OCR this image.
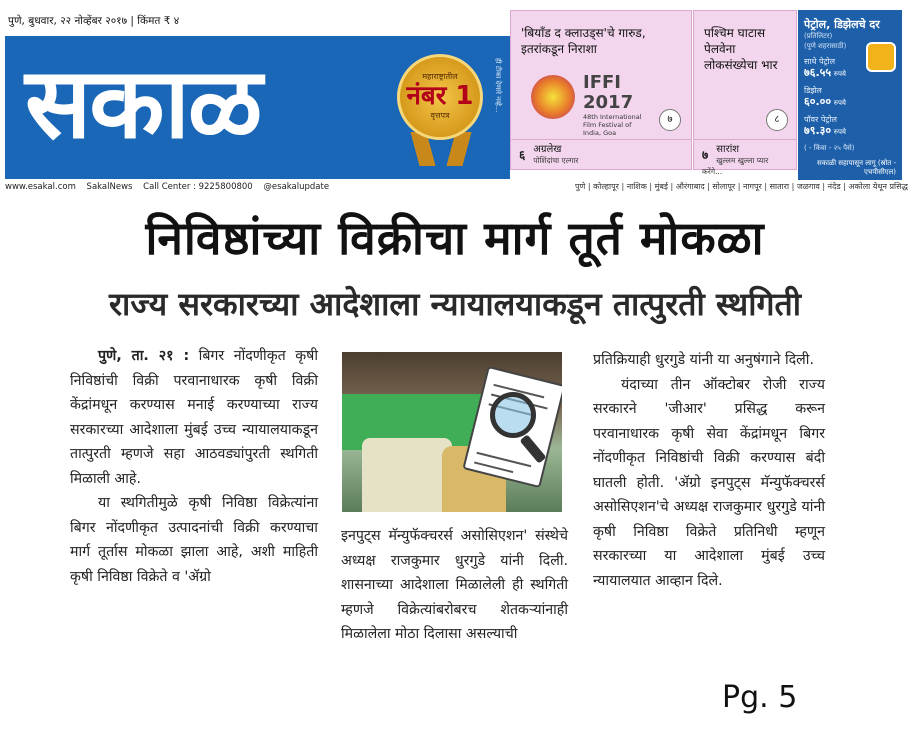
पुणे, बुधवार, २२ नोव्हेंबर २०१७ | किंमत ₹ ४
सकाळ	महाराष्ट्रातील
नंबर 1
वृत्तपत्र
ही टीका देणारे नव्हे...
'बियाँड द क्लाउड्स'चे गारुड, इतरांकडून निराशा
IFFI 2017
48th International Film Festival of India, Goa
७
६ अग्रलेख
पोशिंदांचा एल्गार
पश्चिम घाटास पेलवेना लोकसंख्येचा भार
८
७ सारांश
खुल्लम खुल्ला प्यार करेंगे...
पेट्रोल, डिझेलचे दर
(प्रतिलिटर)
(पुणे शहरासाठी)
साधे पेट्रोल
७६.५५ रुपये
डिझेल
६०.०० रुपये
पॉवर पेट्रोल
७९.३० रुपये
( - किंवा - २५ पैसे)
सकाळी सहापासून लागू (स्रोत - एचपीसीएल)
www.esakal.com SakalNews Call Center : 9225800800 @esakalupdate	पुणे | कोल्हापूर | नाशिक | मुंबई | औरंगाबाद | सोलापूर | नागपूर | सातारा | जळगाव | नंदेड | अकोला येथून प्रसिद्ध
निविष्ठांच्या विक्रीचा मार्ग तूर्त मोकळा
राज्य सरकारच्या आदेशाला न्यायालयाकडून तात्पुरती स्थगिती

पुणे, ता. २१ : बिगर नोंदणीकृत कृषी निविष्ठांची विक्री परवानाधारक कृषी विक्री केंद्रांमधून करण्यास मनाई करण्याच्या राज्य सरकारच्या आदेशाला मुंबई उच्च न्यायालयाकडून तात्पुरती म्हणजे सहा आठवड्यांपुरती स्थगिती मिळाली आहे.

या स्थगितीमुळे कृषी निविष्ठा विक्रेत्यांना बिगर नोंदणीकृत उत्पादनांची विक्री करण्याचा मार्ग तूर्तास मोकळा झाला आहे, अशी माहिती कृषी निविष्ठा विक्रेते व 'ॲग्रो

इनपुट्स मॅन्युफॅक्चरर्स असोसिएशन' संस्थेचे अध्यक्ष राजकुमार धुरगुडे यांनी दिली. शासनाच्या आदेशाला मिळालेली ही स्थगिती म्हणजे विक्रेत्यांबरोबरच शेतकऱ्यांनाही मिळालेला मोठा दिलासा असल्याची

प्रतिक्रियाही धुरगुडे यांनी या अनुषंगाने दिली.

यंदाच्या तीन ऑक्टोबर रोजी राज्य सरकारने 'जीआर' प्रसिद्ध करून परवानाधारक कृषी सेवा केंद्रांमधून बिगर नोंदणीकृत निविष्ठांची विक्री करण्यास बंदी घातली होती. 'ॲग्रो इनपुट्स मॅन्युफॅक्चरर्स असोसिएशन'चे अध्यक्ष राजकुमार धुरगुडे यांनी कृषी निविष्ठा विक्रेते प्रतिनिधी म्हणून सरकारच्या या आदेशाला मुंबई उच्च न्यायालयात आव्हान दिले.

Pg. 5
